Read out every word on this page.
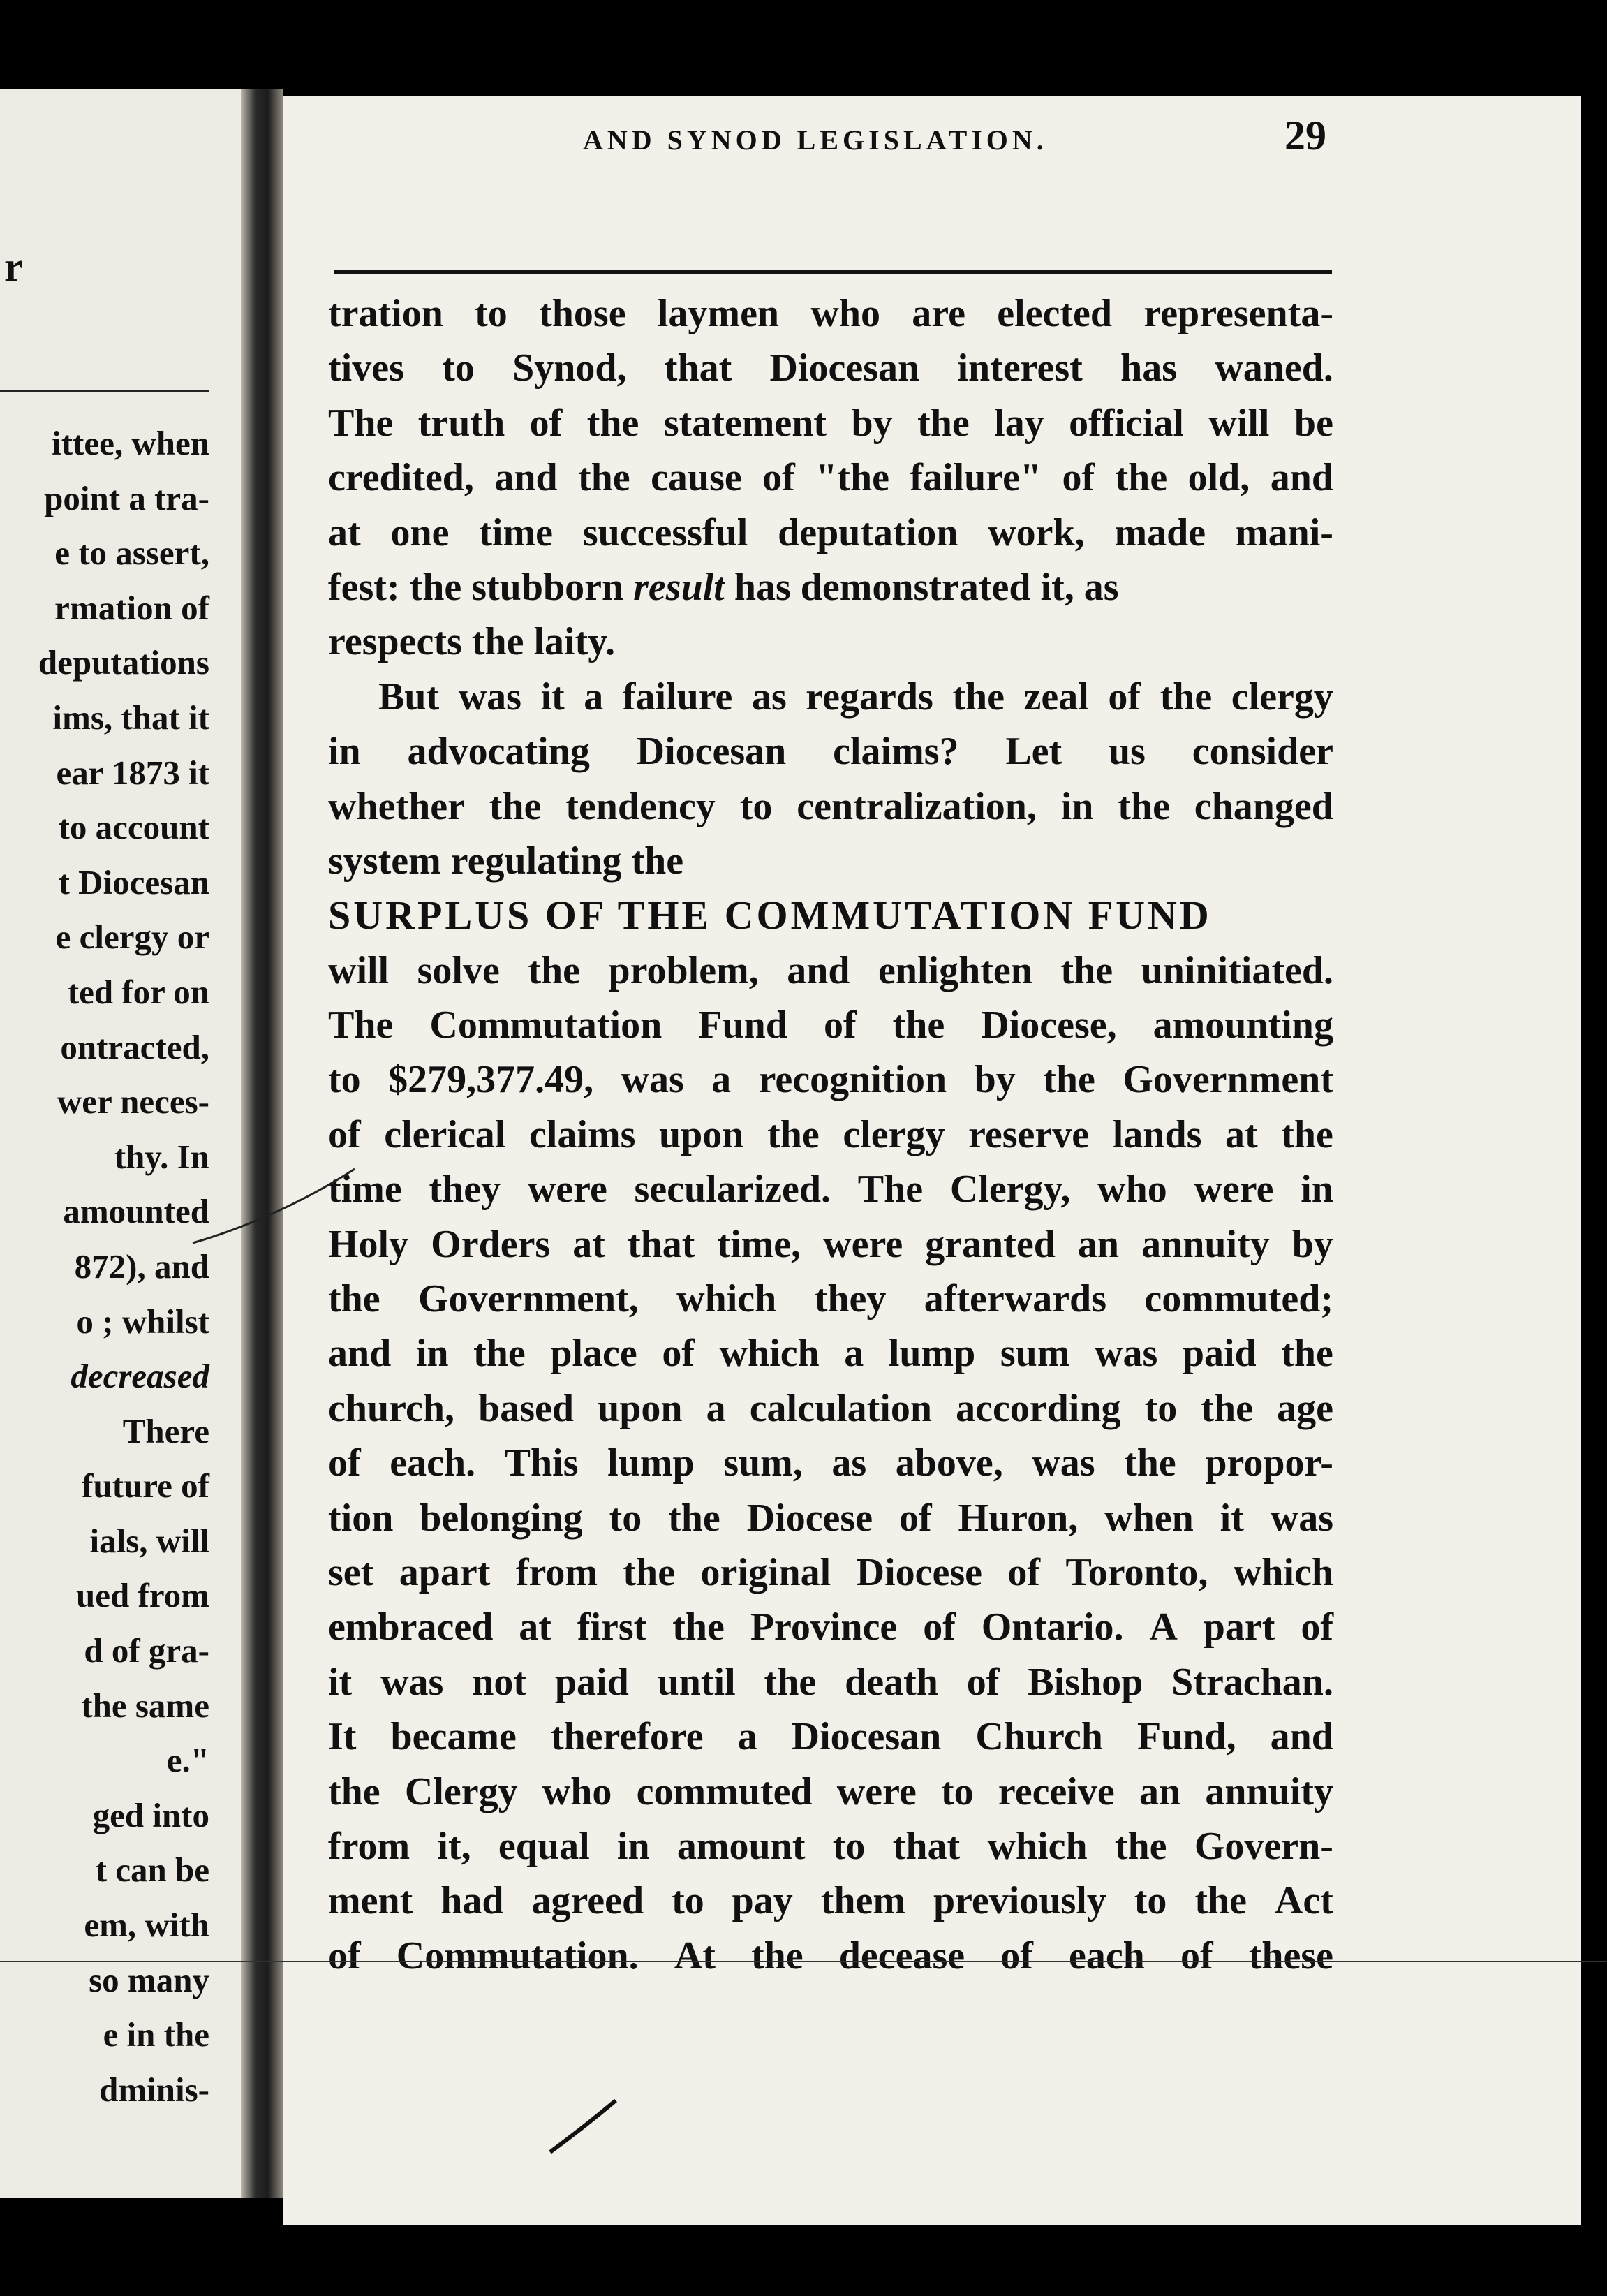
r
ittee, when
point a tra-
e to assert,
rmation of
deputations
ims, that it
ear 1873 it
to account
t Diocesan
e clergy or
ted for on
ontracted,
wer neces-
thy. In
amounted
872), and
o ; whilst
decreased
There
future of
ials, will
ued from
d of gra-
the same
e."
ged into
t can be
em, with
so many
e in the
dminis-
AND SYNOD LEGISLATION.	29
tration to those laymen who are elected representa-
tives to Synod, that Diocesan interest has waned.
The truth of the statement by the lay official will be
credited, and the cause of "the failure" of the old, and
at one time successful deputation work, made mani-
fest: the stubborn result has demonstrated it, as
respects the laity.
But was it a failure as regards the zeal of the clergy
in advocating Diocesan claims? Let us consider
whether the tendency to centralization, in the changed
system regulating the
SURPLUS OF THE COMMUTATION FUND
will solve the problem, and enlighten the uninitiated.
The Commutation Fund of the Diocese, amounting
to $279,377.49, was a recognition by the Government
of clerical claims upon the clergy reserve lands at the
time they were secularized. The Clergy, who were in
Holy Orders at that time, were granted an annuity by
the Government, which they afterwards commuted;
and in the place of which a lump sum was paid the
church, based upon a calculation according to the age
of each. This lump sum, as above, was the propor-
tion belonging to the Diocese of Huron, when it was
set apart from the original Diocese of Toronto, which
embraced at first the Province of Ontario. A part of
it was not paid until the death of Bishop Strachan.
It became therefore a Diocesan Church Fund, and
the Clergy who commuted were to receive an annuity
from it, equal in amount to that which the Govern-
ment had agreed to pay them previously to the Act
of Commutation. At the decease of each of these
